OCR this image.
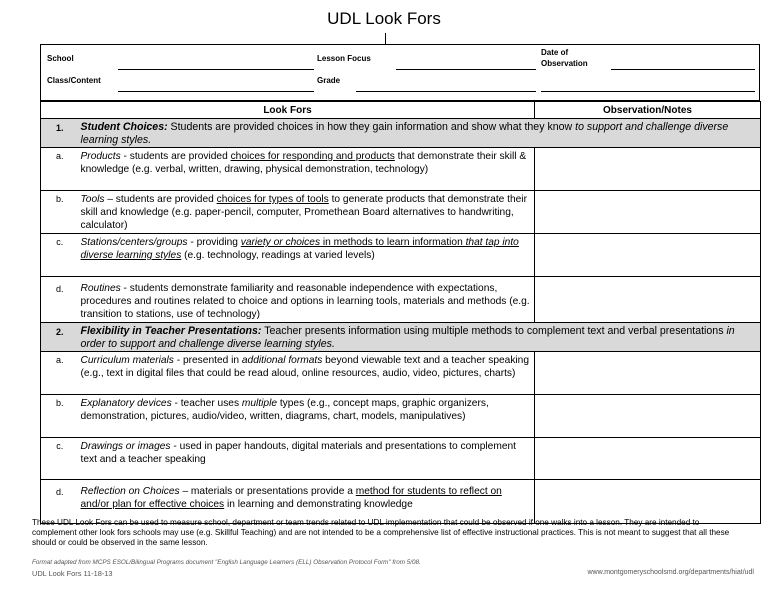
UDL Look Fors
School	Lesson Focus
Date of
Observation
Class/Content	Grade
Look Fors		Observation/Notes
1.	Student Choices: Students are provided choices in how they gain information and show what they know to support and challenge diverse learning styles.	
a.	Products - students are provided choices for responding and products that demonstrate their skill & knowledge (e.g. verbal, written, drawing, physical demonstration, technology)	
b.	Tools – students are provided choices for types of tools to generate products that demonstrate their skill and knowledge (e.g. paper-pencil, computer, Promethean Board alternatives to handwriting, calculator)	
c.	Stations/centers/groups - providing variety or choices in methods to learn information that tap into diverse learning styles (e.g. technology, readings at varied levels)	
d.	Routines - students demonstrate familiarity and reasonable independence with expectations, procedures and routines related to choice and options in learning tools, materials and methods (e.g. transition to stations, use of technology)	
2.	Flexibility in Teacher Presentations: Teacher presents information using multiple methods to complement text and verbal presentations in order to support and challenge diverse learning styles.	
a.	Curriculum materials - presented in additional formats beyond viewable text and a teacher speaking (e.g., text in digital files that could be read aloud, online resources, audio, video, pictures, charts)	
b.	Explanatory devices - teacher uses multiple types (e.g., concept maps, graphic organizers, demonstration, pictures, audio/video, written, diagrams, chart, models, manipulatives)	
c.	Drawings or images - used in paper handouts, digital materials and presentations to complement text and a teacher speaking	
d.	Reflection on Choices – materials or presentations provide a method for students to reflect on and/or plan for effective choices in learning and demonstrating knowledge	
These UDL Look Fors can be used to measure school, department or team trends related to UDL implementation that could be observed if one walks into a lesson. They are intended to complement other look fors schools may use (e.g. Skillful Teaching) and are not intended to be a comprehensive list of effective instructional practices. This is not meant to suggest that all these should or could be observed in the same lesson.
Format adapted from MCPS ESOL/Bilingual Programs document "English Language Learners (ELL) Observation Protocol Form" from 5/08.
UDL Look Fors 11-18-13	www.montgomeryschoolsmd.org/departments/hiat/udl
